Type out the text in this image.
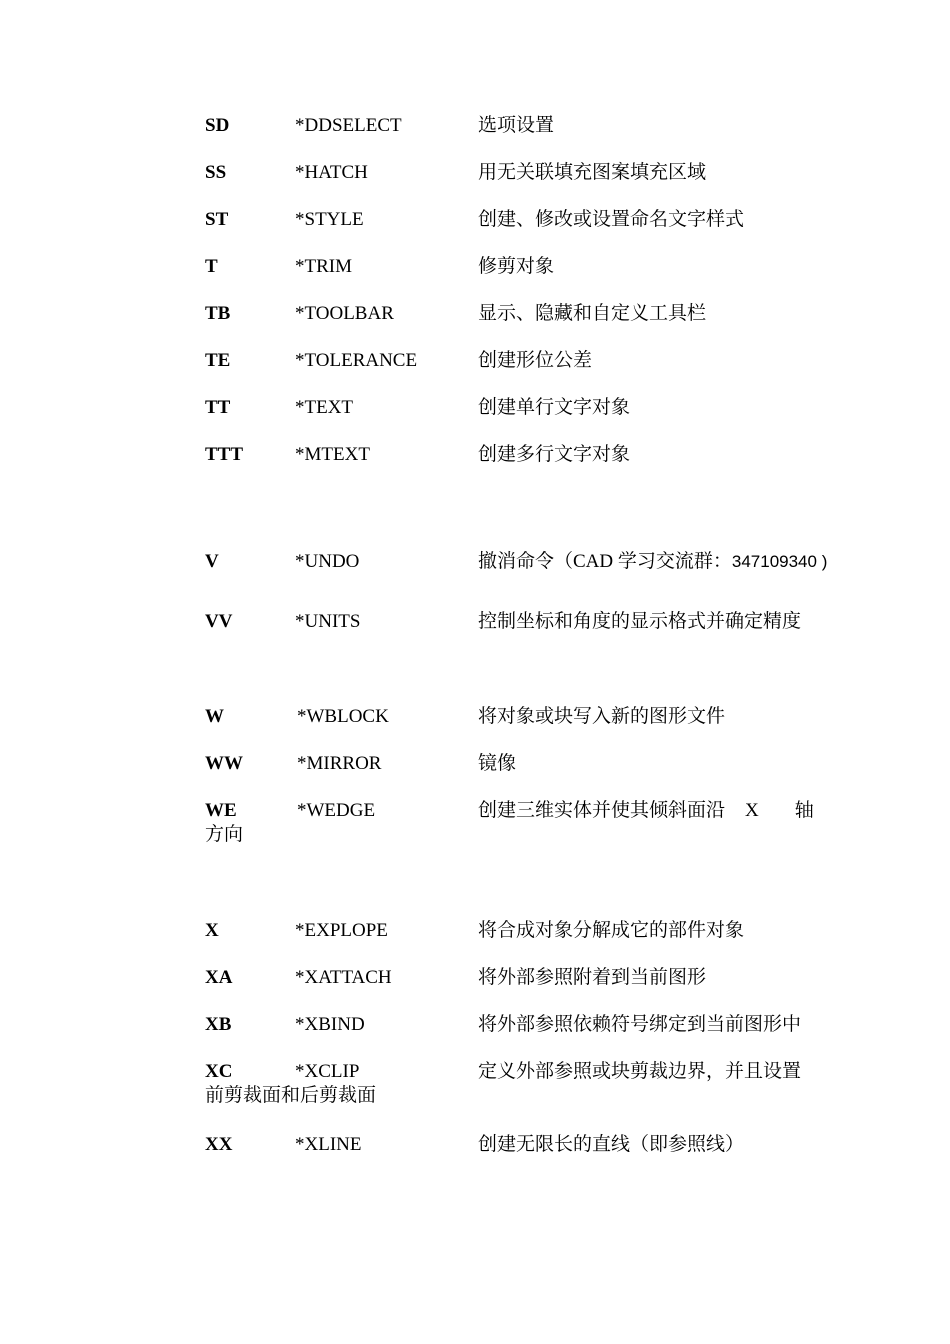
SD	*DDSELECT	选项设置
SS	*HATCH	用无关联填充图案填充区域
ST	*STYLE	创建、修改或设置命名文字样式
T	*TRIM	修剪对象
TB	*TOOLBAR	显示、隐藏和自定义工具栏
TE	*TOLERANCE	创建形位公差
TT	*TEXT	创建单行文字对象
TTT	*MTEXT	创建多行文字对象
V	*UNDO	撤消命令（CAD 学习交流群：347109340 )
VV	*UNITS	控制坐标和角度的显示格式并确定精度
W	*WBLOCK	将对象或块写入新的图形文件
WW	*MIRROR	镜像
WE	*WEDGE	创建三维实体并使其倾斜面沿 X 轴
方向
X	*EXPLOPE	将合成对象分解成它的部件对象
XA	*XATTACH	将外部参照附着到当前图形
XB	*XBIND	将外部参照依赖符号绑定到当前图形中
XC	*XCLIP	定义外部参照或块剪裁边界，并且设置
前剪裁面和后剪裁面
XX	*XLINE	创建无限长的直线（即参照线）
